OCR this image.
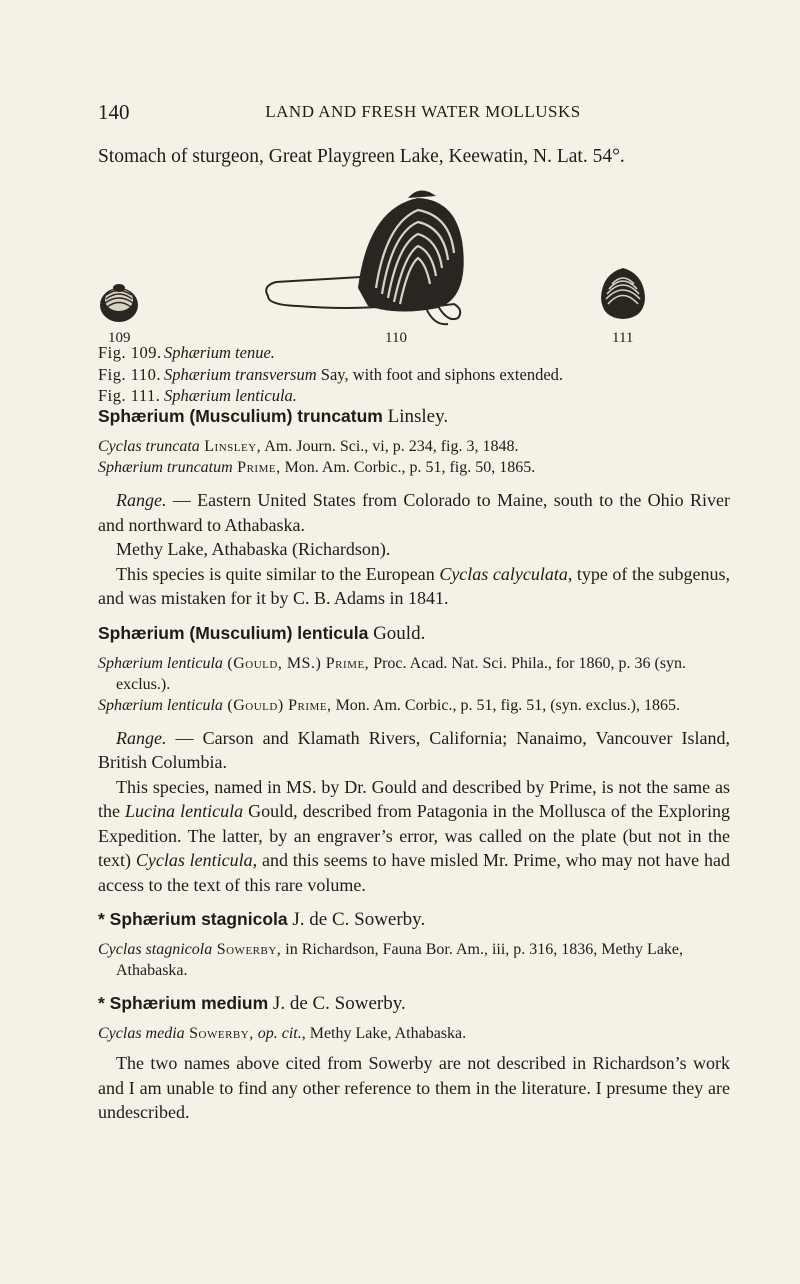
140	LAND AND FRESH WATER MOLLUSKS
Stomach of sturgeon, Great Playgreen Lake, Keewatin, N. Lat. 54°.
109	110	111
Fig. 109. Sphærium tenue.
Fig. 110. Sphærium transversum Say, with foot and siphons extended.
Fig. 111. Sphærium lenticula.
Sphærium (Musculium) truncatum Linsley.

Cyclas truncata Linsley, Am. Journ. Sci., vi, p. 234, fig. 3, 1848.

Sphærium truncatum Prime, Mon. Am. Corbic., p. 51, fig. 50, 1865.

Range. — Eastern United States from Colorado to Maine, south to the Ohio River and northward to Athabaska.

Methy Lake, Athabaska (Richardson).

This species is quite similar to the European Cyclas calyculata, type of the subgenus, and was mistaken for it by C. B. Adams in 1841.

Sphærium (Musculium) lenticula Gould.

Sphærium lenticula (Gould, MS.) Prime, Proc. Acad. Nat. Sci. Phila., for 1860, p. 36 (syn. exclus.).

Sphærium lenticula (Gould) Prime, Mon. Am. Corbic., p. 51, fig. 51, (syn. exclus.), 1865.

Range. — Carson and Klamath Rivers, California; Nanaimo, Vancouver Island, British Columbia.

This species, named in MS. by Dr. Gould and described by Prime, is not the same as the Lucina lenticula Gould, described from Patagonia in the Mollusca of the Exploring Expedition. The latter, by an engraver’s error, was called on the plate (but not in the text) Cyclas lenticula, and this seems to have misled Mr. Prime, who may not have had access to the text of this rare volume.

* Sphærium stagnicola J. de C. Sowerby.

Cyclas stagnicola Sowerby, in Richardson, Fauna Bor. Am., iii, p. 316, 1836, Methy Lake, Athabaska.

* Sphærium medium J. de C. Sowerby.

Cyclas media Sowerby, op. cit., Methy Lake, Athabaska.

The two names above cited from Sowerby are not described in Richardson’s work and I am unable to find any other reference to them in the literature. I presume they are undescribed.
